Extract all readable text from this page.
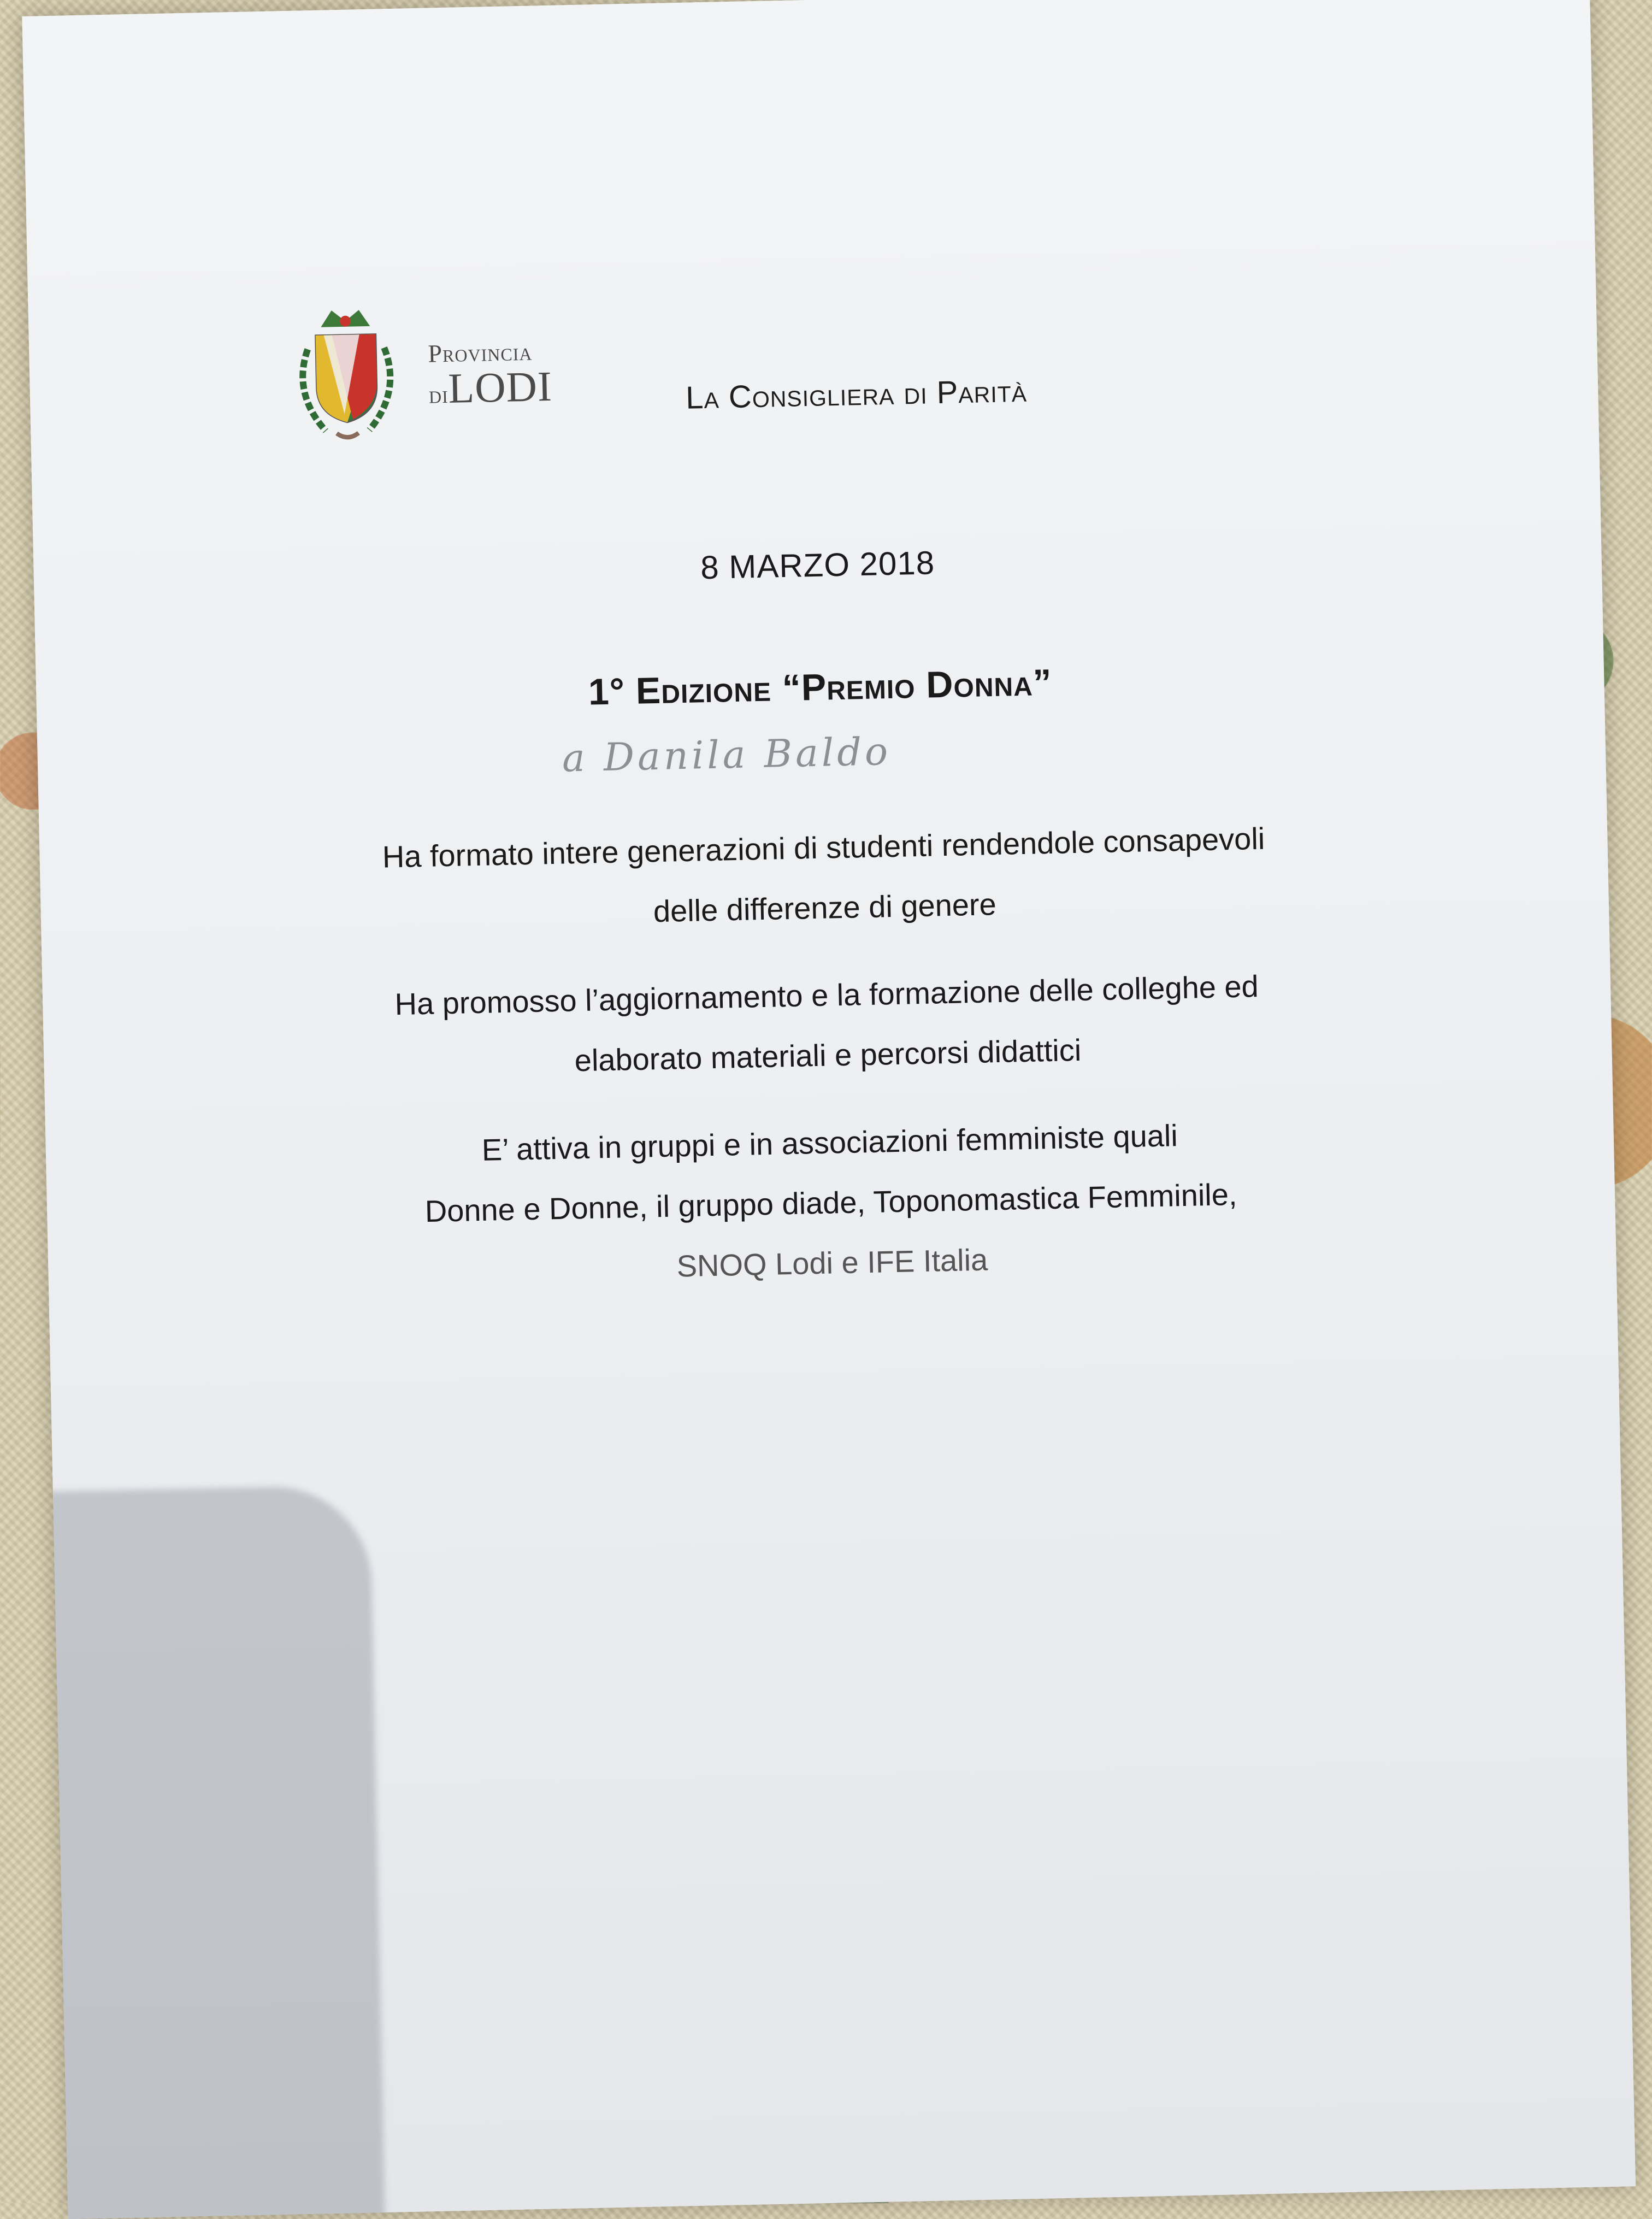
Provincia
diLODI	La Consigliera di Parità
8 MARZO 2018
1° Edizione “Premio Donna”
a Danila Baldo
Ha formato intere generazioni di studenti rendendole consapevoli
delle differenze di genere
Ha promosso l’aggiornamento e la formazione delle colleghe ed
elaborato materiali e percorsi didattici
E’ attiva in gruppi e in associazioni femministe quali
Donne e Donne, il gruppo diade, Toponomastica Femminile,
SNOQ Lodi e IFE Italia
